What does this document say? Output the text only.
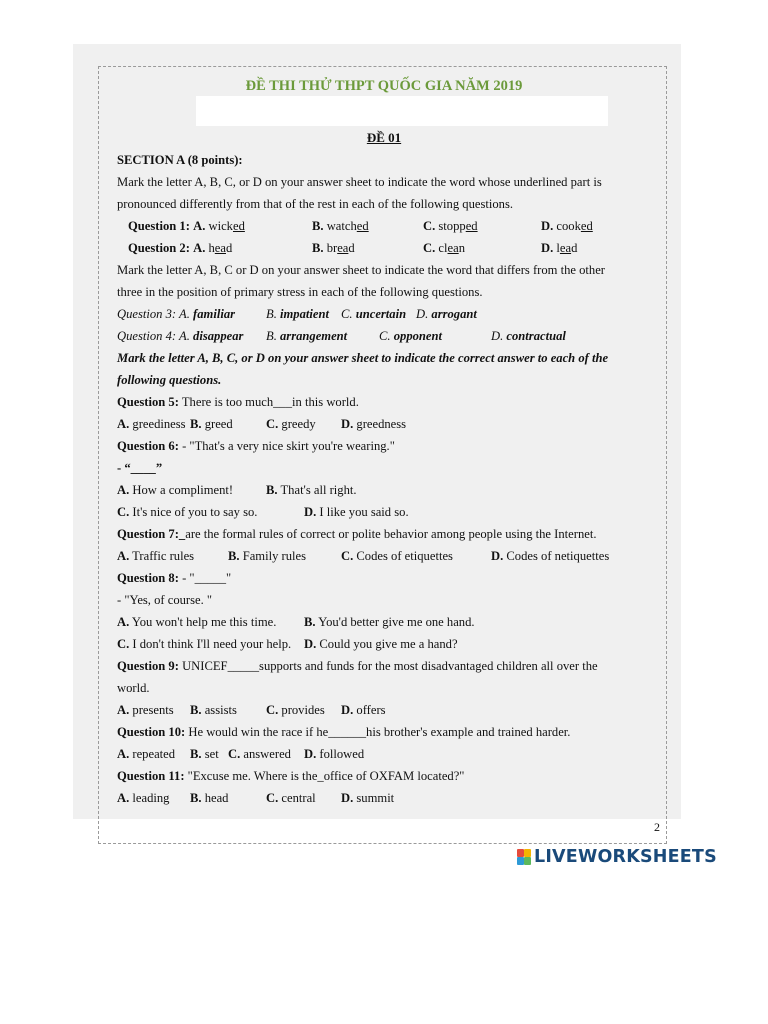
ĐỀ THI THỬ THPT QUỐC GIA NĂM 2019
ĐỀ 01
SECTION A (8 points):
Mark the letter A, B, C, or D on your answer sheet to indicate the word whose underlined part is
pronounced differently from that of the rest in each of the following questions.
Question 1: A. wicked	B. watched	C. stopped	D. cooked
Question 2: A. head	B. bread	C. clean	D. lead
Mark the letter A, B, C or D on your answer sheet to indicate the word that differs from the other
three in the position of primary stress in each of the following questions.
Question 3: A. familiar B. impatient C. uncertain D. arrogant
Question 4: A. disappear B. arrangement	C. opponent	D. contractual
Mark the letter A, B, C, or D on your answer sheet to indicate the correct answer to each of the
following questions.
Question 5: There is too much___in this world.
A. greediness B. greed	C. greedy D. greedness
Question 6: - "That's a very nice skirt you're wearing."
- “____”
A. How a compliment!	B. That's all right.
C. It's nice of you to say so.	D. I like you said so.
Question 7:_are the formal rules of correct or polite behavior among people using the Internet.
A. Traffic rules	B. Family rules	C. Codes of etiquettes	D. Codes of netiquettes
Question 8: - "_____"
- "Yes, of course. "
A. You won't help me this time. B. You'd better give me one hand.
C. I don't think I'll need your help. D. Could you give me a hand?
Question 9: UNICEF_____supports and funds for the most disadvantaged children all over the
world.
A. presents B. assists C. provides D. offers
Question 10: He would win the race if he______his brother's example and trained harder.
A. repeated B. set C. answered D. followed
Question 11: "Excuse me. Where is the_office of OXFAM located?"
A. leading B. head	C. central D. summit
2
LIVEWORKSHEETS
